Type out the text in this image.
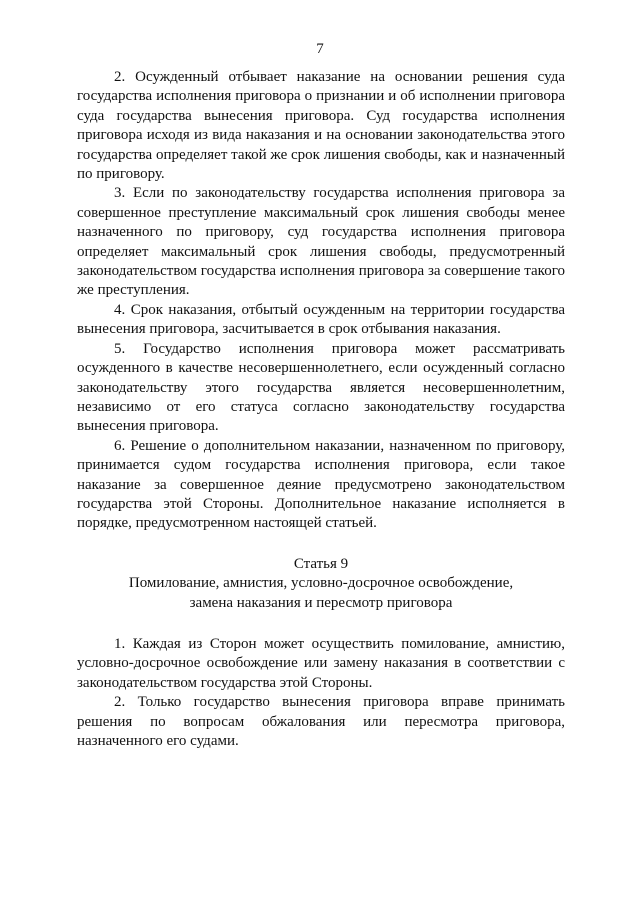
7

2. Осужденный отбывает наказание на основании решения суда государства исполнения приговора о признании и об исполнении приговора суда государства вынесения приговора. Суд государства исполнения приговора исходя из вида наказания и на основании законодательства этого государства определяет такой же срок лишения свободы, как и назначенный по приговору.

3. Если по законодательству государства исполнения приговора за совершенное преступление максимальный срок лишения свободы менее назначенного по приговору, суд государства исполнения приговора определяет максимальный срок лишения свободы, предусмотренный законодательством государства исполнения приговора за совершение такого же преступления.

4. Срок наказания, отбытый осужденным на территории государства вынесения приговора, засчитывается в срок отбывания наказания.

5. Государство исполнения приговора может рассматривать осужденного в качестве несовершеннолетнего, если осужденный согласно законодательству этого государства является несовершеннолетним, независимо от его статуса согласно законодательству государства вынесения приговора.

6. Решение о дополнительном наказании, назначенном по приговору, принимается судом государства исполнения приговора, если такое наказание за совершенное деяние предусмотрено законодательством государства этой Стороны. Дополнительное наказание исполняется в порядке, предусмотренном настоящей статьей.

Статья 9
Помилование, амнистия, условно-досрочное освобождение,
замена наказания и пересмотр приговора

1. Каждая из Сторон может осуществить помилование, амнистию, условно-досрочное освобождение или замену наказания в соответствии с законодательством государства этой Стороны.

2. Только государство вынесения приговора вправе принимать решения по вопросам обжалования или пересмотра приговора, назначенного его судами.
